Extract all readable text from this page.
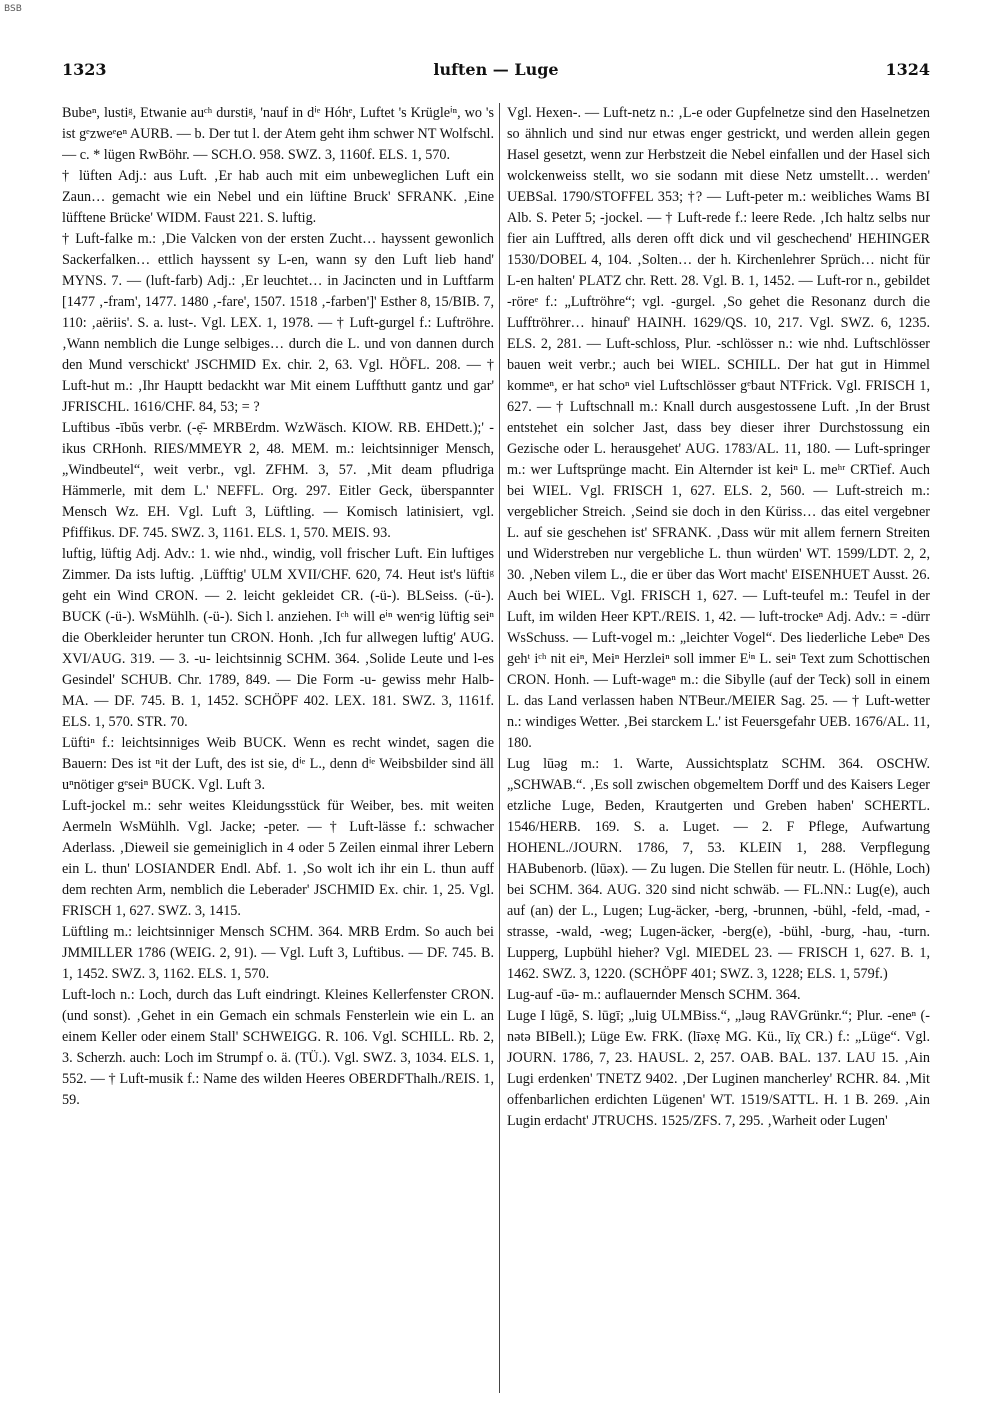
BSB
1323	luften — Luge	1324

Bubeⁿ, lustiᵍ, Etwanie auᶜʰ durstiᵍ, 'nauf in dⁱᵉ Hóhᵉ, Luftet 's Krügleⁱⁿ, wo 's ist gᵉzweᵉeⁿ AURB. — b. Der tut l. der Atem geht ihm schwer NT Wolfschl. — c. * lügen RwBöhr. — SCH.O. 958. SWZ. 3, 1160f. ELS. 1, 570.

† lüften Adj.: aus Luft. ‚Er hab auch mit eim unbeweglichen Luft ein Zaun… gemacht wie ein Nebel und ein lüftine Bruck' SFRANK. ‚Eine lüfftene Brücke' WIDM. Faust 221. S. luftig.

† Luft-falke m.: ‚Die Valcken von der ersten Zucht… hayssent gewonlich Sackerfalken… ettlich hayssent sy L-en, wann sy den Luft lieb hand' MYNS. 7. — (luft-farb) Adj.: ‚Er leuchtet… in Jacincten und in Luftfarm [1477 ‚-fram', 1477. 1480 ‚-fare', 1507. 1518 ‚-farben']' Esther 8, 15/BIB. 7, 110: ‚aëriis'. S. a. lust-. Vgl. LEX. 1, 1978. — † Luft-gurgel f.: Luftröhre. ‚Wann nemblich die Lunge selbiges… durch die L. und von dannen durch den Mund verschickt' JSCHMID Ex. chir. 2, 63. Vgl. HÖFL. 208. — † Luft-hut m.: ‚Ihr Hauptt bedackht war Mit einem Luffthutt gantz und gar' JFRISCHL. 1616/CHF. 84, 53; = ?

Luftibus -ībŭs verbr. (-ẹ̄- MRBErdm. WzWäsch. KIOW. RB. EHDett.);' -ikus CRHonh. RIES/MMEYR 2, 48. MEM. m.: leichtsinniger Mensch, „Windbeutel“, weit verbr., vgl. ZFHM. 3, 57. ‚Mit deam pfludriga Hämmerle, mit dem L.' NEFFL. Org. 297. Eitler Geck, überspannter Mensch Wz. EH. Vgl. Luft 3, Lüftling. — Komisch latinisiert, vgl. Pfiffikus. DF. 745. SWZ. 3, 1161. ELS. 1, 570. MEIS. 93.

luftig, lüftig Adj. Adv.: 1. wie nhd., windig, voll frischer Luft. Ein luftiges Zimmer. Da ists luftig. ‚Lüfftig' ULM XVII/CHF. 620, 74. Heut ist's lüftiᵍ geht ein Wind CRON. — 2. leicht gekleidet CR. (-ü-). BLSeiss. (-ü-). BUCK (-ü-). WsMühlh. (-ü-). Sich l. anziehen. Iᶜʰ will eⁱⁿ wenᵉig lüftig seiⁿ die Oberkleider herunter tun CRON. Honh. ‚Ich fur allwegen luftig' AUG. XVI/AUG. 319. — 3. -u- leichtsinnig SCHM. 364. ‚Solide Leute und l-es Gesindel' SCHUB. Chr. 1789, 849. — Die Form -u- gewiss mehr Halb-MA. — DF. 745. B. 1, 1452. SCHÖPF 402. LEX. 181. SWZ. 3, 1161f. ELS. 1, 570. STR. 70.

Lüftiⁿ f.: leichtsinniges Weib BUCK. Wenn es recht windet, sagen die Bauern: Des ist ⁿit der Luft, des ist sie, dⁱᵉ L., denn dⁱᵉ Weibsbilder sind äll uⁿnötiger gᵉseiⁿ BUCK. Vgl. Luft 3.

Luft-jockel m.: sehr weites Kleidungsstück für Weiber, bes. mit weiten Aermeln WsMühlh. Vgl. Jacke; -peter. — † Luft-lässe f.: schwacher Aderlass. ‚Dieweil sie gemeiniglich in 4 oder 5 Zeilen einmal ihrer Lebern ein L. thun' LOSIANDER Endl. Abf. 1. ‚So wolt ich ihr ein L. thun auff dem rechten Arm, nemblich die Leberader' JSCHMID Ex. chir. 1, 25. Vgl. FRISCH 1, 627. SWZ. 3, 1415.

Lüftling m.: leichtsinniger Mensch SCHM. 364. MRB Erdm. So auch bei JMMILLER 1786 (WEIG. 2, 91). — Vgl. Luft 3, Luftibus. — DF. 745. B. 1, 1452. SWZ. 3, 1162. ELS. 1, 570.

Luft-loch n.: Loch, durch das Luft eindringt. Kleines Kellerfenster CRON. (und sonst). ‚Gehet in ein Gemach ein schmals Fensterlein wie ein L. an einem Keller oder einem Stall' SCHWEIGG. R. 106. Vgl. SCHILL. Rb. 2, 3. Scherzh. auch: Loch im Strumpf o. ä. (TÜ.). Vgl. SWZ. 3, 1034. ELS. 1, 552. — † Luft-musik f.: Name des wilden Heeres OBERDFThalh./REIS. 1, 59.

Vgl. Hexen-. — Luft-netz n.: ‚L-e oder Gupfelnetze sind den Haselnetzen so ähnlich und sind nur etwas enger gestrickt, und werden allein gegen Hasel gesetzt, wenn zur Herbstzeit die Nebel einfallen und der Hasel sich wolckenweiss stellt, wo sie sodann mit diese Netz umstellt… werden' UEBSal. 1790/STOFFEL 353; †? — Luft-peter m.: weibliches Wams BI Alb. S. Peter 5; -jockel. — † Luft-rede f.: leere Rede. ‚Ich haltz selbs nur fier ain Lufftred, alls deren offt dick und vil geschechend' HEHINGER 1530/DOBEL 4, 104. ‚Solten… der h. Kirchenlehrer Sprüch… nicht für L-en halten' PLATZ chr. Rett. 28. Vgl. B. 1, 1452. — Luft-ror n., gebildet -röreᵉ f.: „Luftröhre“; vgl. -gurgel. ‚So gehet die Resonanz durch die Lufftröhrer… hinauf' HAINH. 1629/QS. 10, 217. Vgl. SWZ. 6, 1235. ELS. 2, 281. — Luft-schloss, Plur. -schlösser n.: wie nhd. Luftschlösser bauen weit verbr.; auch bei WIEL. SCHILL. Der hat gut in Himmel kommeⁿ, er hat schoⁿ viel Luftschlösser gᵉbaut NTFrick. Vgl. FRISCH 1, 627. — † Luftschnall m.: Knall durch ausgestossene Luft. ‚In der Brust entstehet ein solcher Jast, dass bey dieser ihrer Durchstossung ein Gezische oder L. herausgehet' AUG. 1783/AL. 11, 180. — Luft-springer m.: wer Luftsprünge macht. Ein Alternder ist keiⁿ L. meʰʳ CRTief. Auch bei WIEL. Vgl. FRISCH 1, 627. ELS. 2, 560. — Luft-streich m.: vergeblicher Streich. ‚Seind sie doch in den Küriss… das eitel vergebner L. auf sie geschehen ist' SFRANK. ‚Dass wür mit allem fernern Streiten und Widerstreben nur vergebliche L. thun würden' WT. 1599/LDT. 2, 2, 30. ‚Neben vilem L., die er über das Wort macht' EISENHUET Ausst. 26. Auch bei WIEL. Vgl. FRISCH 1, 627. — Luft-teufel m.: Teufel in der Luft, im wilden Heer KPT./REIS. 1, 42. — luft-trockeⁿ Adj. Adv.: = -dürr WsSchuss. — Luft-vogel m.: „leichter Vogel“. Des liederliche Lebeⁿ Des gehᵗ iᶜʰ nit eiⁿ, Meiⁿ Herzleiⁿ soll immer Eⁱⁿ L. seiⁿ Text zum Schottischen CRON. Honh. — Luft-wageⁿ m.: die Sibylle (auf der Teck) soll in einem L. das Land verlassen haben NTBeur./MEIER Sag. 25. — † Luft-wetter n.: windiges Wetter. ‚Bei starckem L.' ist Feuersgefahr UEB. 1676/AL. 11, 180.

Lug lūəg m.: 1. Warte, Aussichtsplatz SCHM. 364. OSCHW. „SCHWAB.“. ‚Es soll zwischen obgemeltem Dorff und des Kaisers Leger etzliche Luge, Beden, Krautgerten und Greben haben' SCHERTL. 1546/HERB. 169. S. a. Luget. — 2. F Pflege, Aufwartung HOHENL./JOURN. 1786, 7, 53. KLEIN 1, 288. Verpflegung HABubenorb. (lūəx). — Zu lugen. Die Stellen für neutr. L. (Höhle, Loch) bei SCHM. 364. AUG. 320 sind nicht schwäb. — FL.NN.: Lug(e), auch auf (an) der L., Lugen; Lug-äcker, -berg, -brunnen, -bühl, -feld, -mad, -strasse, -wald, -weg; Lugen-äcker, -berg(e), -bühl, -burg, -hau, -turn. Lupperg, Lupbühl hieher? Vgl. MIEDEL 23. — FRISCH 1, 627. B. 1, 1462. SWZ. 3, 1220. (SCHÖPF 401; SWZ. 3, 1228; ELS. 1, 579f.)

Lug-auf -ūə- m.: auflauernder Mensch SCHM. 364.

Luge I lūgĕ, S. lūgī; „luig ULMBiss.“, „ləug RAVGrünkr.“; Plur. -eneⁿ (-nətə BIBell.); Lüge Ew. FRK. (līəxẹ MG. Kü., līχ CR.) f.: „Lüge“. Vgl. JOURN. 1786, 7, 23. HAUSL. 2, 257. OAB. BAL. 137. LAU 15. ‚Ain Lugi erdenken' TNETZ 9402. ‚Der Luginen mancherley' RCHR. 84. ‚Mit offenbarlichen erdichten Lügenen' WT. 1519/SATTL. H. 1 B. 269. ‚Ain Lugin erdacht' JTRUCHS. 1525/ZFS. 7, 295. ‚Warheit oder Lugen'
